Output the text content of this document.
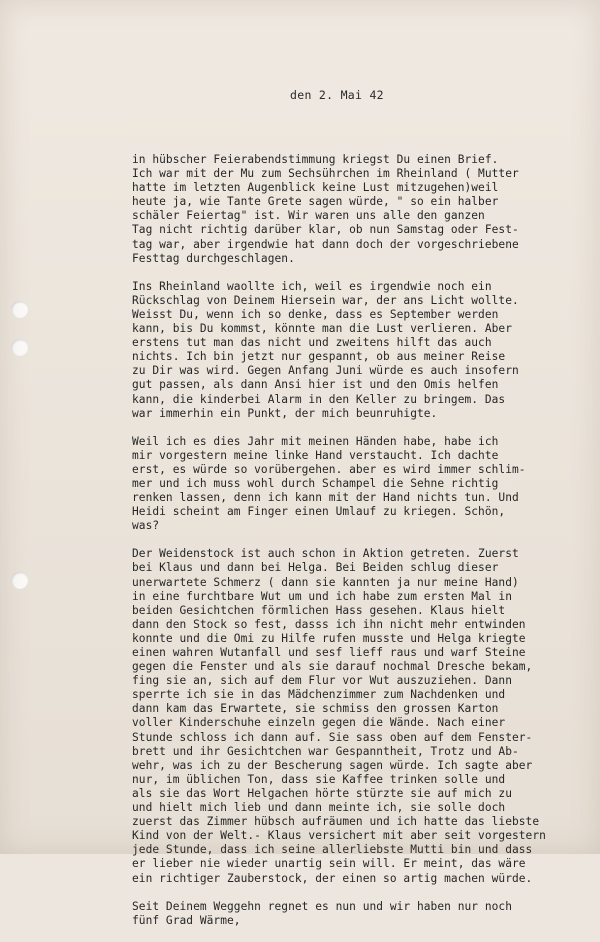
den 2. Mai 42
in hübscher Feierabendstimmung kriegst Du einen Brief.
Ich war mit der Mu zum Sechsührchen im Rheinland ( Mutter
hatte im letzten Augenblick keine Lust mitzugehen)weil
heute ja, wie Tante Grete sagen würde, " so ein halber
schäler Feiertag" ist. Wir waren uns alle den ganzen
Tag nicht richtig darüber klar, ob nun Samstag oder Fest-
tag war, aber irgendwie hat dann doch der vorgeschriebene
Festtag durchgeschlagen.
Ins Rheinland waollte ich, weil es irgendwie noch ein
Rückschlag von Deinem Hiersein war, der ans Licht wollte.
Weisst Du, wenn ich so denke, dass es September werden
kann, bis Du kommst, könnte man die Lust verlieren. Aber
erstens tut man das nicht und zweitens hilft das auch
nichts. Ich bin jetzt nur gespannt, ob aus meiner Reise
zu Dir was wird. Gegen Anfang Juni würde es auch insofern
gut passen, als dann Ansi hier ist und den Omis helfen
kann, die kinderbei Alarm in den Keller zu bringem. Das
war immerhin ein Punkt, der mich beunruhigte.
Weil ich es dies Jahr mit meinen Händen habe, habe ich
mir vorgestern meine linke Hand verstaucht. Ich dachte
erst, es würde so vorübergehen. aber es wird immer schlim-
mer und ich muss wohl durch Schampel die Sehne richtig
renken lassen, denn ich kann mit der Hand nichts tun. Und
Heidi scheint am Finger einen Umlauf zu kriegen. Schön,
was?
Der Weidenstock ist auch schon in Aktion getreten. Zuerst
bei Klaus und dann bei Helga. Bei Beiden schlug dieser
unerwartete Schmerz ( dann sie kannten ja nur meine Hand)
in eine furchtbare Wut um und ich habe zum ersten Mal in
beiden Gesichtchen förmlichen Hass gesehen. Klaus hielt
dann den Stock so fest, dasss ich ihn nicht mehr entwinden
konnte und die Omi zu Hilfe rufen musste und Helga kriegte
einen wahren Wutanfall und sesf lieff raus und warf Steine
gegen die Fenster und als sie darauf nochmal Dresche bekam,
fing sie an, sich auf dem Flur vor Wut auszuziehen. Dann
sperrte ich sie in das Mädchenzimmer zum Nachdenken und
dann kam das Erwartete, sie schmiss den grossen Karton
voller Kinderschuhe einzeln gegen die Wände. Nach einer
Stunde schloss ich dann auf. Sie sass oben auf dem Fenster-
brett und ihr Gesichtchen war Gespanntheit, Trotz und Ab-
wehr, was ich zu der Bescherung sagen würde. Ich sagte aber
nur, im üblichen Ton, dass sie Kaffee trinken solle und
als sie das Wort Helgachen hörte stürzte sie auf mich zu
und hielt mich lieb und dann meinte ich, sie solle doch
zuerst das Zimmer hübsch aufräumen und ich hatte das liebste
Kind von der Welt.- Klaus versichert mit aber seit vorgestern
jede Stunde, dass ich seine allerliebste Mutti bin und dass
er lieber nie wieder unartig sein will. Er meint, das wäre
ein richtiger Zauberstock, der einen so artig machen würde.
Seit Deinem Weggehn regnet es nun und wir haben nur noch
fünf Grad Wärme,
